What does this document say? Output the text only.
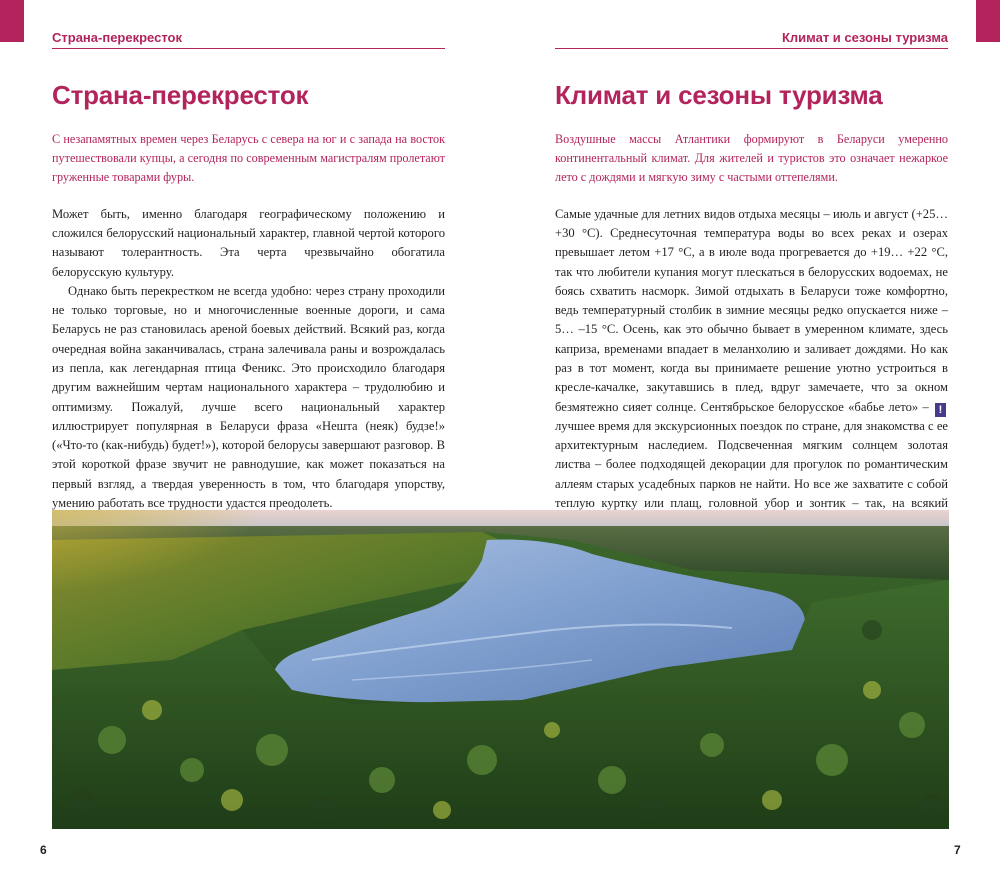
Страна-перекресток	Климат и сезоны туризма
Страна-перекресток

С незапамятных времен через Беларусь с севера на юг и с запада на восток путешествовали купцы, а сегодня по современным магистралям пролетают груженные товарами фуры.

Может быть, именно благодаря географическому положению и сложился белорусский национальный характер, главной чертой которого называют толерантность. Эта черта чрезвычайно обогатила белорусскую культуру.

Однако быть перекрестком не всегда удобно: через страну проходили не только торговые, но и многочисленные военные дороги, и сама Беларусь не раз становилась ареной боевых действий. Всякий раз, когда очередная война заканчивалась, страна залечивала раны и возрождалась из пепла, как легендарная птица Феникс. Это происходило благодаря другим важнейшим чертам национального характера – трудолюбию и оптимизму. Пожалуй, лучше всего национальный характер иллюстрирует популярная в Беларуси фраза «Нешта (нeяк) будзе!» («Что-то (как-нибудь) будет!»), которой белорусы завершают разговор. В этой короткой фразе звучит не равнодушие, как может показаться на первый взгляд, а твердая уверенность в том, что благодаря упорству, умению работать все трудности удастся преодолеть.

Климат и сезоны туризма

Воздушные массы Атлантики формируют в Беларуси умеренно континентальный климат. Для жителей и туристов это означает нежаркое лето с дождями и мягкую зиму с частыми оттепелями.

Самые удачные для летних видов отдыха месяцы – июль и август (+25… +30 °C). Среднесуточная температура воды во всех реках и озерах превышает летом +17 °C, а в июле вода прогревается до +19… +22 °C, так что любители купания могут плескаться в белорусских водоемах, не боясь схватить насморк. Зимой отдыхать в Беларуси тоже комфортно, ведь температурный столбик в зимние месяцы редко опускается ниже –5… –15 °C. Осень, как это обычно бывает в умеренном климате, здесь каприза, временами впадает в меланхолию и заливает дождями. Но как раз в тот момент, когда вы принимаете решение уютно устроиться в кресле-качалке, закутавшись в плед, вдруг замечаете, что за окном безмятежно сияет солнце. Сентябрьское белорусское «бабье лето» – ! лучшее время для экскурсионных поездок по стране, для знакомства с ее архитектурным наследием. Подсвеченная мягким солнцем золотая листва – более подходящей декорации для прогулок по романтическим аллеям старых усадебных парков не найти. Но все же захватите с собой теплую куртку или плащ, головной убор и зонтик – так, на всякий

6	7
